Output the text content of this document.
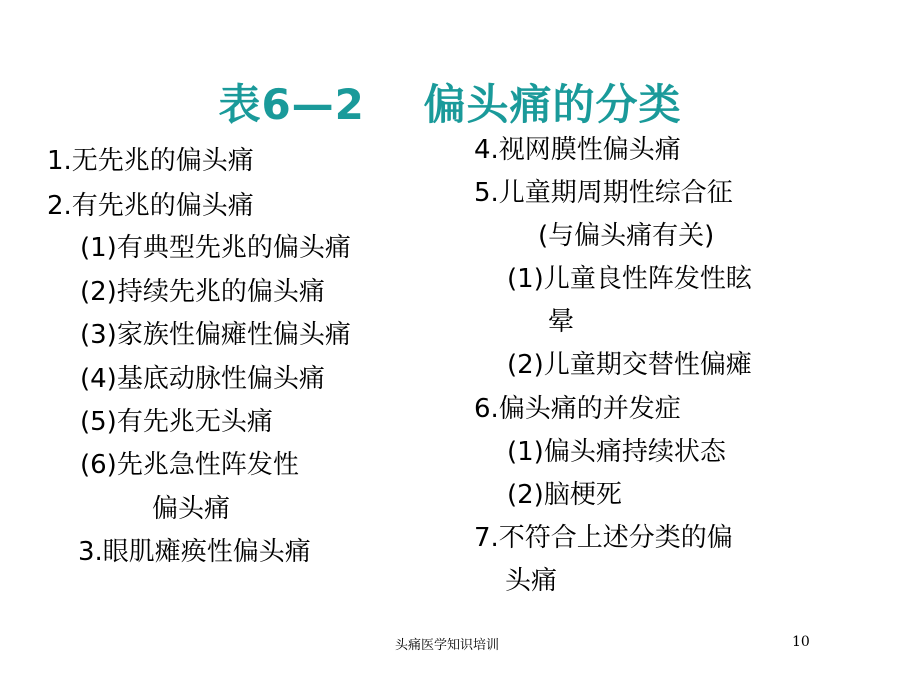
表6—2　 偏头痛的分类
1.无先兆的偏头痛
2.有先兆的偏头痛
(1)有典型先兆的偏头痛
(2)持续先兆的偏头痛
(3)家族性偏瘫性偏头痛
(4)基底动脉性偏头痛
(5)有先兆无头痛
(6)先兆急性阵发性
偏头痛
3.眼肌瘫痪性偏头痛
4.视网膜性偏头痛
5.儿童期周期性综合征
(与偏头痛有关)
(1)儿童良性阵发性眩
晕
(2)儿童期交替性偏瘫
6.偏头痛的并发症
(1)偏头痛持续状态
(2)脑梗死
7.不符合上述分类的偏
头痛
头痛医学知识培训	10
